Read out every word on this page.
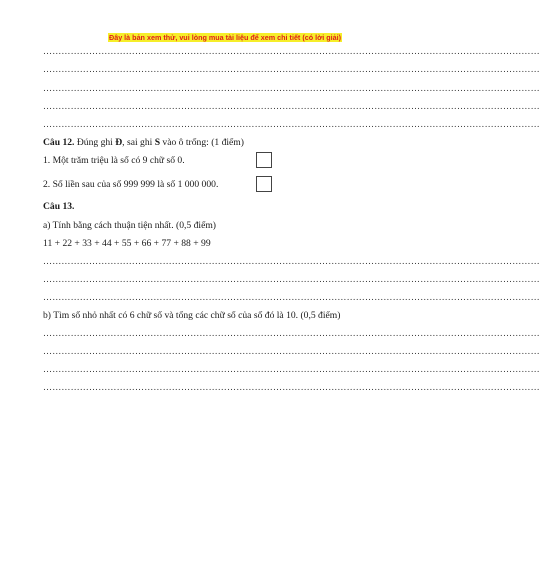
Đây là bản xem thử, vui lòng mua tài liệu để xem chi tiết (có lời giải)
………………………………………………………………………………………………………………………………………………
………………………………………………………………………………………………………………………………………………
………………………………………………………………………………………………………………………………………………
………………………………………………………………………………………………………………………………………………
………………………………………………………………………………………………………………………………………………
Câu 12. Đúng ghi Đ, sai ghi S vào ô trống: (1 điểm)
1. Một trăm triệu là số có 9 chữ số 0.
2. Số liền sau của số 999 999 là số 1 000 000.
Câu 13.
a) Tính bằng cách thuận tiện nhất. (0,5 điểm)
11 + 22 + 33 + 44 + 55 + 66 + 77 + 88 + 99
………………………………………………………………………………………………………………………………………………
………………………………………………………………………………………………………………………………………………
………………………………………………………………………………………………………………………………………………
b) Tìm số nhỏ nhất có 6 chữ số và tổng các chữ số của số đó là 10. (0,5 điểm)
………………………………………………………………………………………………………………………………………………
………………………………………………………………………………………………………………………………………………
………………………………………………………………………………………………………………………………………………
………………………………………………………………………………………………………………………………………………
